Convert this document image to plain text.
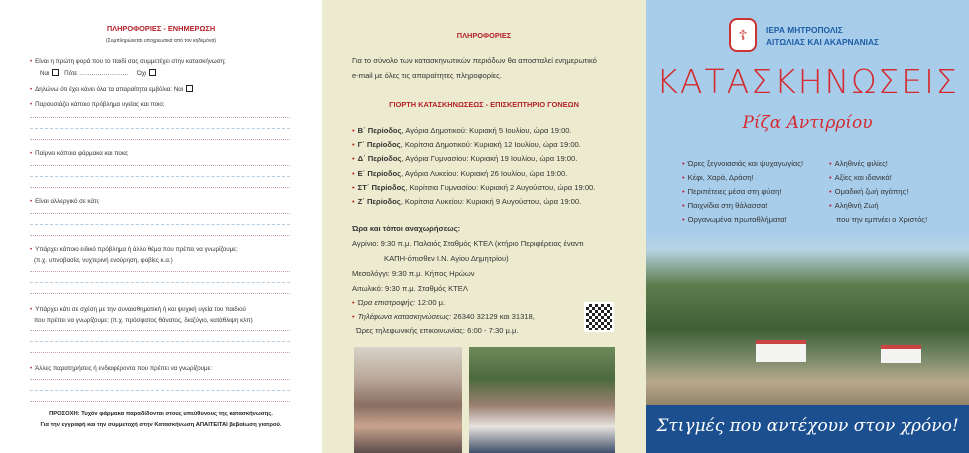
ΠΛΗΡΟΦΟΡΙΕΣ - ΕΝΗΜΕΡΩΣΗ
(Συμπληρώνεται υποχρεωτικά από τον κηδεμόνα)
• Είναι η πρώτη φορά που το παιδί σας συμμετέχει στην κατασκήνωση;
Ναι Πότε …………………… Όχι
• Δηλώνω ότι έχει κάνει όλα τα απαραίτητα εμβόλια: Ναι
• Παρουσιάζει κάποιο πρόβλημα υγείας και ποιο;
• Παίρνει κάποια φάρμακα και ποια;
• Είναι αλλεργικό σε κάτι;
• Υπάρχει κάποιο ειδικό πρόβλημα ή άλλο θέμα που πρέπει να γνωρίζουμε;
(π.χ. υπνοβασία, νυχτερινή ενούρηση, φοβίες κ.α.)
• Υπάρχει κάτι σε σχέση με την συναισθηματική ή και ψυχική υγεία του παιδιού
που πρέπει να γνωρίζουμε; (π.χ. πρόσφατος θάνατος, διαζύγιο, κατάθλιψη κλπ)
• Άλλες παρατηρήσεις ή ενδιαφέροντα που πρέπει να γνωρίζουμε:
ΠΡΟΣΟΧΗ: Τυχόν φάρμακα παραδίδονται στους υπεύθυνους της κατασκήνωσης.
Για την εγγραφή και την συμμετοχή στην Κατασκήνωση ΑΠΑΙΤΕΙΤΑΙ βεβαίωση γιατρού.
ΠΛΗΡΟΦΟΡΙΕΣ
Για το σύνολο των κατασκηνωτικών περιόδων θα αποσταλεί ενημερωτικό
e-mail με όλες τις απαραίτητες πληροφορίες.
ΓΙΟΡΤΗ ΚΑΤΑΣΚΗΝΩΣΕΩΣ - ΕΠΙΣΚΕΠΤΗΡΙΟ ΓΟΝΕΩΝ
• Β΄ Περίοδος, Αγόρια Δημοτικού: Κυριακή 5 Ιουλίου, ώρα 19:00.
• Γ΄ Περίοδος, Κορίτσια Δημοτικού: Κυριακή 12 Ιουλίου, ώρα 19:00.
• Δ΄ Περίοδος, Αγόρια Γυμνασίου: Κυριακή 19 Ιουλίου, ώρα 19:00.
• Ε΄ Περίοδος, Αγόρια Λυκείου: Κυριακή 26 Ιουλίου, ώρα 19:00.
• ΣΤ΄ Περίοδος, Κορίτσια Γυμνασίου: Κυριακή 2 Αυγούστου, ώρα 19:00.
• Ζ΄ Περίοδος, Κορίτσια Λυκείου: Κυριακή 9 Αυγούστου, ώρα 19:00.
Ώρα και τόποι αναχωρήσεως:
Αγρίνιο: 9:30 π.μ. Παλαιός Σταθμός ΚΤΕΛ (κτήριο Περιφέρειας έναντι
ΚΑΠΗ-όπισθεν Ι.Ν. Αγίου Δημητρίου)
Μεσολόγγι: 9:30 π.μ. Κήπος Ηρώων
Αιτωλικό: 9:30 π.μ. Σταθμός ΚΤΕΛ
• Ώρα επιστροφής: 12:00 μ.
• Τηλέφωνα κατασκηνώσεως: 26340 32129 και 31318,
Ώρες τηλεφωνικής επικοινωνίας: 6:00 - 7:30 μ.μ.
☦	ΙΕΡΑ ΜΗΤΡΟΠΟΛΙΣ
ΑΙΤΩΛΙΑΣ ΚΑΙ ΑΚΑΡΝΑΝΙΑΣ
ΚΑΤΑΣΚΗΝΩΣΕΙΣ
Ρίζα Αντιρρίου
• Ώρες ξεγνοιασιάς και ψυχαγωγίας!
• Κέφι, Χαρά, Δράση!
• Περιπέτειες μέσα στη φύση!
• Παιχνίδια στη θάλασσα!
• Οργανωμένα πρωταθλήματα!
• Αληθινές φιλίες!
• Αξίες και ιδανικά!
• Ομαδική ζωή αγάπης!
• Αληθινή Ζωή
που την εμπνέει ο Χριστός!
Στιγμές που αντέχουν στον χρόνο!
